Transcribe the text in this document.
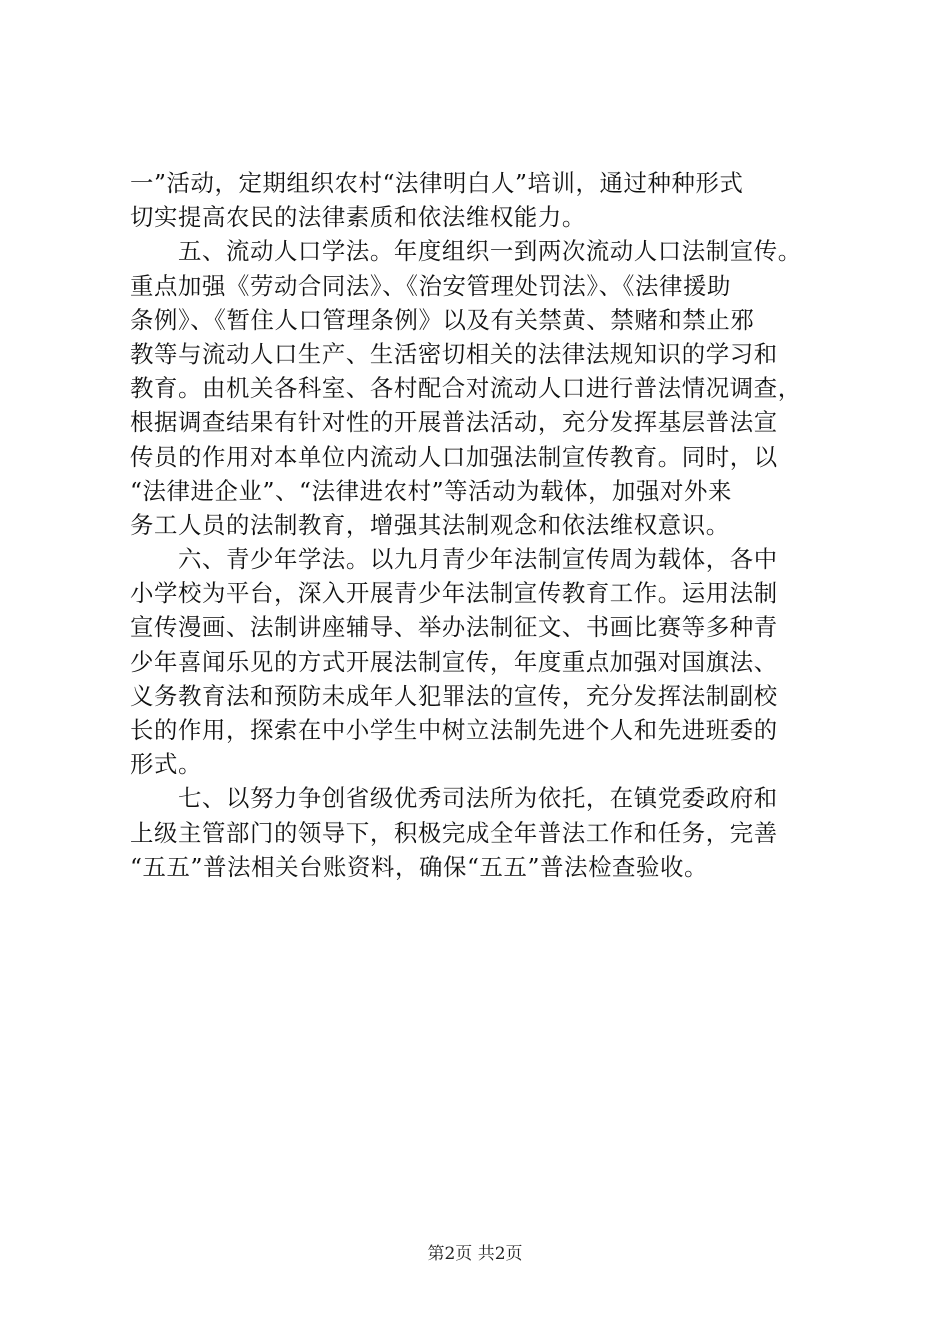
一”活动，定期组织农村“法律明白人”培训，通过种种形式
切实提高农民的法律素质和依法维权能力。
　　五、流动人口学法。年度组织一到两次流动人口法制宣传。
重点加强《劳动合同法》、《治安管理处罚法》、《法律援助
条例》、《暂住人口管理条例》以及有关禁黄、禁赌和禁止邪
教等与流动人口生产、生活密切相关的法律法规知识的学习和
教育。由机关各科室、各村配合对流动人口进行普法情况调查，
根据调查结果有针对性的开展普法活动，充分发挥基层普法宣
传员的作用对本单位内流动人口加强法制宣传教育。同时，以
“法律进企业”、“法律进农村”等活动为载体，加强对外来
务工人员的法制教育，增强其法制观念和依法维权意识。
　　六、青少年学法。以九月青少年法制宣传周为载体，各中
小学校为平台，深入开展青少年法制宣传教育工作。运用法制
宣传漫画、法制讲座辅导、举办法制征文、书画比赛等多种青
少年喜闻乐见的方式开展法制宣传，年度重点加强对国旗法、
义务教育法和预防未成年人犯罪法的宣传，充分发挥法制副校
长的作用，探索在中小学生中树立法制先进个人和先进班委的
形式。
　　七、以努力争创省级优秀司法所为依托，在镇党委政府和
上级主管部门的领导下，积极完成全年普法工作和任务，完善
“五五”普法相关台账资料，确保“五五”普法检查验收。
第2页 共2页
